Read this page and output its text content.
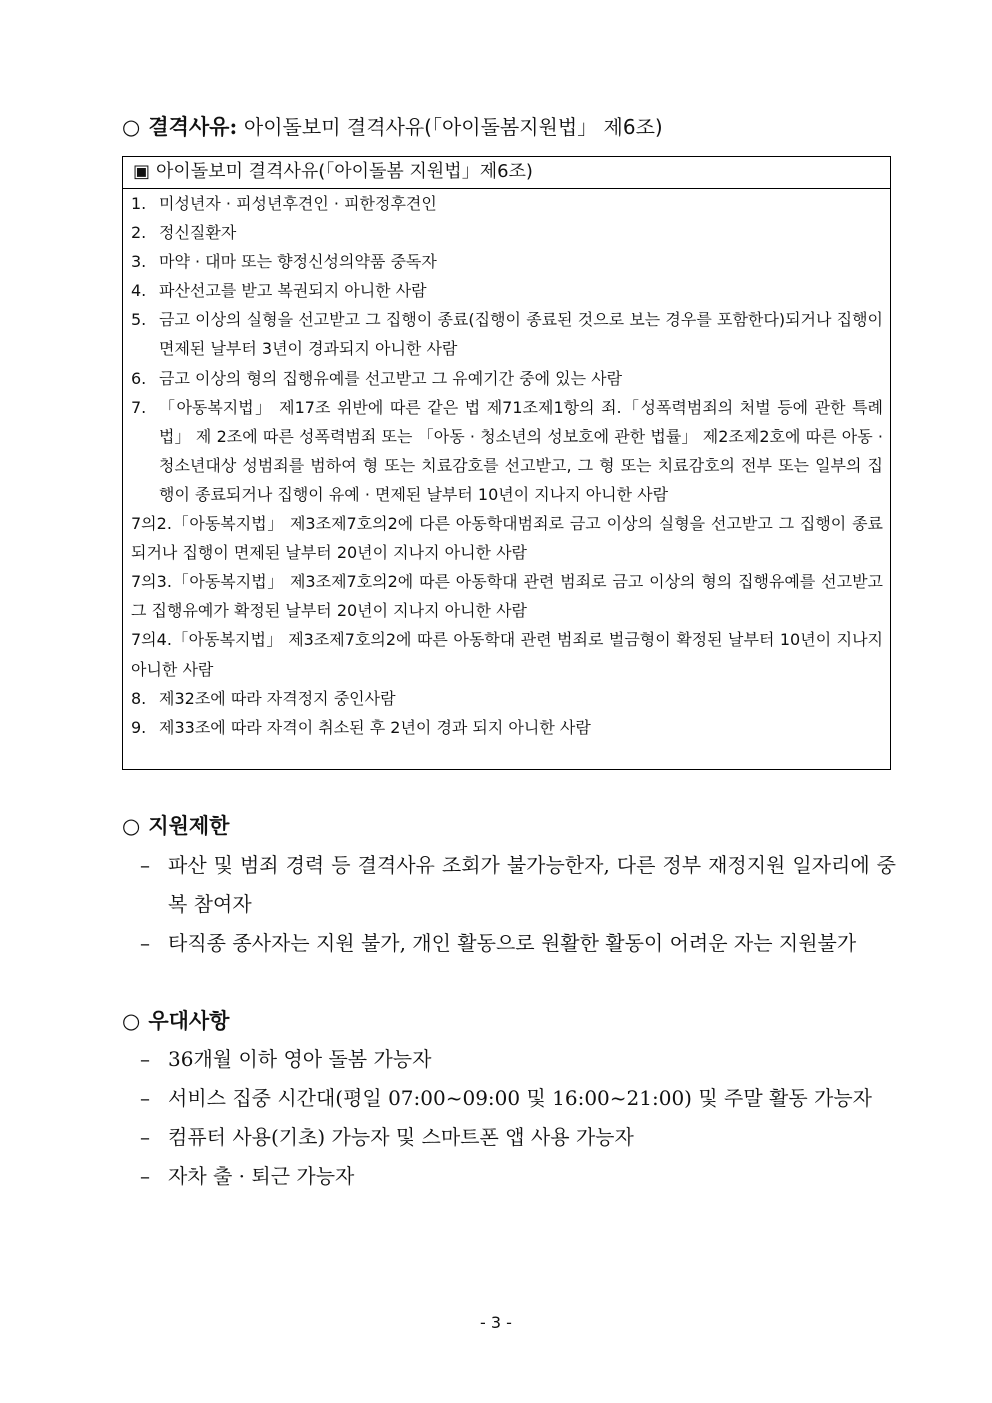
○ 결격사유: 아이돌보미 결격사유(「아이돌봄지원법」 제6조)
▣ 아이돌보미 결격사유(「아이돌봄 지원법」제6조)
1. 미성년자 · 피성년후견인 · 피한정후견인
2. 정신질환자
3. 마약 · 대마 또는 향정신성의약품 중독자
4. 파산선고를 받고 복권되지 아니한 사람
5. 금고 이상의 실형을 선고받고 그 집행이 종료(집행이 종료된 것으로 보는 경우를 포함한다)되거나 집행이 면제된 날부터 3년이 경과되지 아니한 사람
6. 금고 이상의 형의 집행유예를 선고받고 그 유예기간 중에 있는 사람
7. 「아동복지법」 제17조 위반에 따른 같은 법 제71조제1항의 죄.「성폭력범죄의 처벌 등에 관한 특례법」 제 2조에 따른 성폭력범죄 또는 「아동 · 청소년의 성보호에 관한 법률」 제2조제2호에 따른 아동 · 청소년대상 성범죄를 범하여 형 또는 치료감호를 선고받고, 그 형 또는 치료감호의 전부 또는 일부의 집행이 종료되거나 집행이 유예 · 면제된 날부터 10년이 지나지 아니한 사람
7의2.「아동복지법」 제3조제7호의2에 다른 아동학대범죄로 금고 이상의 실형을 선고받고 그 집행이 종료되거나 집행이 면제된 날부터 20년이 지나지 아니한 사람
7의3.「아동복지법」 제3조제7호의2에 따른 아동학대 관련 범죄로 금고 이상의 형의 집행유예를 선고받고 그 집행유예가 확정된 날부터 20년이 지나지 아니한 사람
7의4.「아동복지법」 제3조제7호의2에 따른 아동학대 관련 범죄로 벌금형이 확정된 날부터 10년이 지나지 아니한 사람
8. 제32조에 따라 자격정지 중인사람
9. 제33조에 따라 자격이 취소된 후 2년이 경과 되지 아니한 사람
○ 지원제한
– 파산 및 범죄 경력 등 결격사유 조회가 불가능한자, 다른 정부 재정지원 일자리에 중복 참여자
– 타직종 종사자는 지원 불가, 개인 활동으로 원활한 활동이 어려운 자는 지원불가
○ 우대사항
– 36개월 이하 영아 돌봄 가능자
– 서비스 집중 시간대(평일 07:00~09:00 및 16:00~21:00) 및 주말 활동 가능자
– 컴퓨터 사용(기초) 가능자 및 스마트폰 앱 사용 가능자
– 자차 출 · 퇴근 가능자
- 3 -
